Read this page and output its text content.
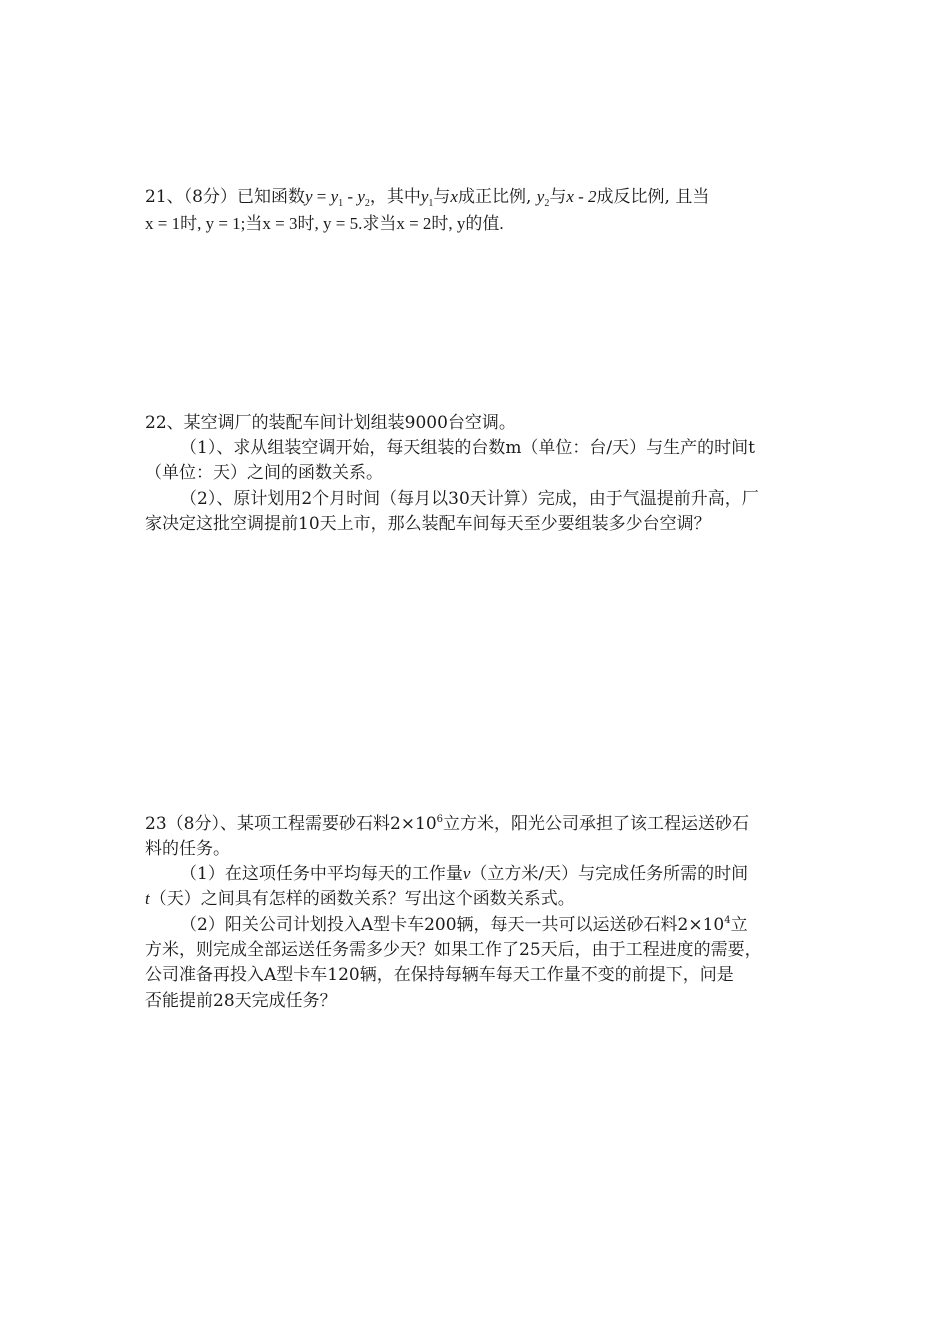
21、（8分）已知函数$y = y_1 - y_2$，其中$y_1$与x成正比例, $y_2$与x - 2成反比例, 且当
x = 1时, y = 1;当x = 3时, y = 5.求当x = 2时, y的值.
22、某空调厂的装配车间计划组装9000台空调。
（1）、求从组装空调开始，每天组装的台数m（单位：台/天）与生产的时间t
（单位：天）之间的函数关系。
（2）、原计划用2个月时间（每月以30天计算）完成，由于气温提前升高，厂
家决定这批空调提前10天上市，那么装配车间每天至少要组装多少台空调？
23（8分）、某项工程需要砂石料$2\times 10^6$立方米，阳光公司承担了该工程运送砂石
料的任务。
（1）在这项任务中平均每天的工作量v（立方米/天）与完成任务所需的时间
t（天）之间具有怎样的函数关系？写出这个函数关系式。
（2）阳关公司计划投入A型卡车200辆，每天一共可以运送砂石料$2\times 10^4$立
方米，则完成全部运送任务需多少天？如果工作了25天后，由于工程进度的需要，
公司准备再投入A型卡车120辆，在保持每辆车每天工作量不变的前提下，问是
否能提前28天完成任务？
